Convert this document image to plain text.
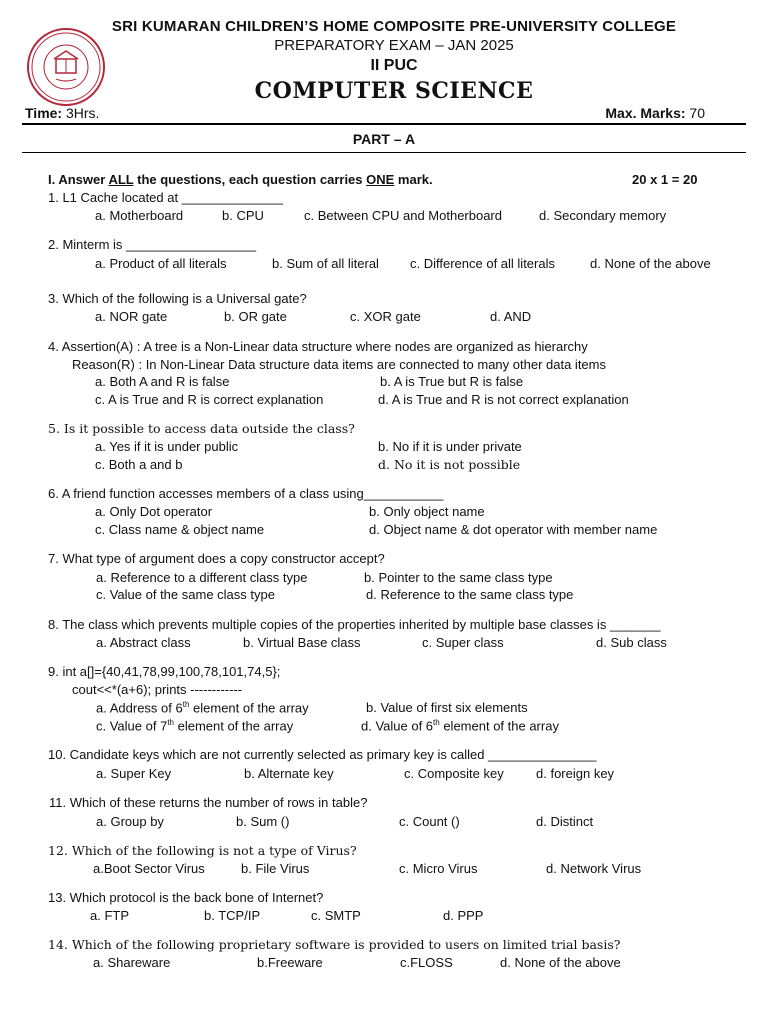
SRI KUMARAN CHILDREN’S HOME COMPOSITE PRE-UNIVERSITY COLLEGE
PREPARATORY EXAM – JAN 2025
II PUC
COMPUTER SCIENCE
Time: 3Hrs.	Max. Marks: 70
PART – A
I. Answer ALL the questions, each question carries ONE mark.	20 x 1 = 20
1. L1 Cache located at ______________
a. Motherboard	b. CPU	c. Between CPU and Motherboard	d. Secondary memory
2. Minterm is __________________
a. Product of all literals	b. Sum of all literal c. Difference of all literals	d. None of the above
3. Which of the following is a Universal gate?
a. NOR gate	b. OR gate	c. XOR gate	d. AND
4. Assertion(A) : A tree is a Non-Linear data structure where nodes are organized as hierarchy
Reason(R) : In Non-Linear Data structure data items are connected to many other data items
a. Both A and R is false	b. A is True but R is false
c. A is True and R is correct explanation	d. A is True and R is not correct explanation
5. Is it possible to access data outside the class?
a. Yes if it is under public	b. No if it is under private
c. Both a and b	d. No it is not possible
6. A friend function accesses members of a class using___________
a. Only Dot operator	b. Only object name
c. Class name & object name	d. Object name & dot operator with member name
7. What type of argument does a copy constructor accept?
a. Reference to a different class type	b. Pointer to the same class type
c. Value of the same class type	d. Reference to the same class type
8. The class which prevents multiple copies of the properties inherited by multiple base classes is _______
a. Abstract class	b. Virtual Base class	c. Super class	d. Sub class
9. int a[]={40,41,78,99,100,78,101,74,5};
cout<<*(a+6); prints ------------
a. Address of 6th element of the array	b. Value of first six elements
c. Value of 7th element of the array	d. Value of 6th element of the array
10. Candidate keys which are not currently selected as primary key is called _______________
a. Super Key	b. Alternate key	c. Composite key d. foreign key
11. Which of these returns the number of rows in table?
a. Group by	b. Sum ()	c. Count ()	d. Distinct
12. Which of the following is not a type of Virus?
a.Boot Sector Virus	b. File Virus	c. Micro Virus	d. Network Virus
13. Which protocol is the back bone of Internet?
a. FTP	b. TCP/IP	c. SMTP	d. PPP
14. Which of the following proprietary software is provided to users on limited trial basis?
a. Shareware	b.Freeware	c.FLOSS	d. None of the above
